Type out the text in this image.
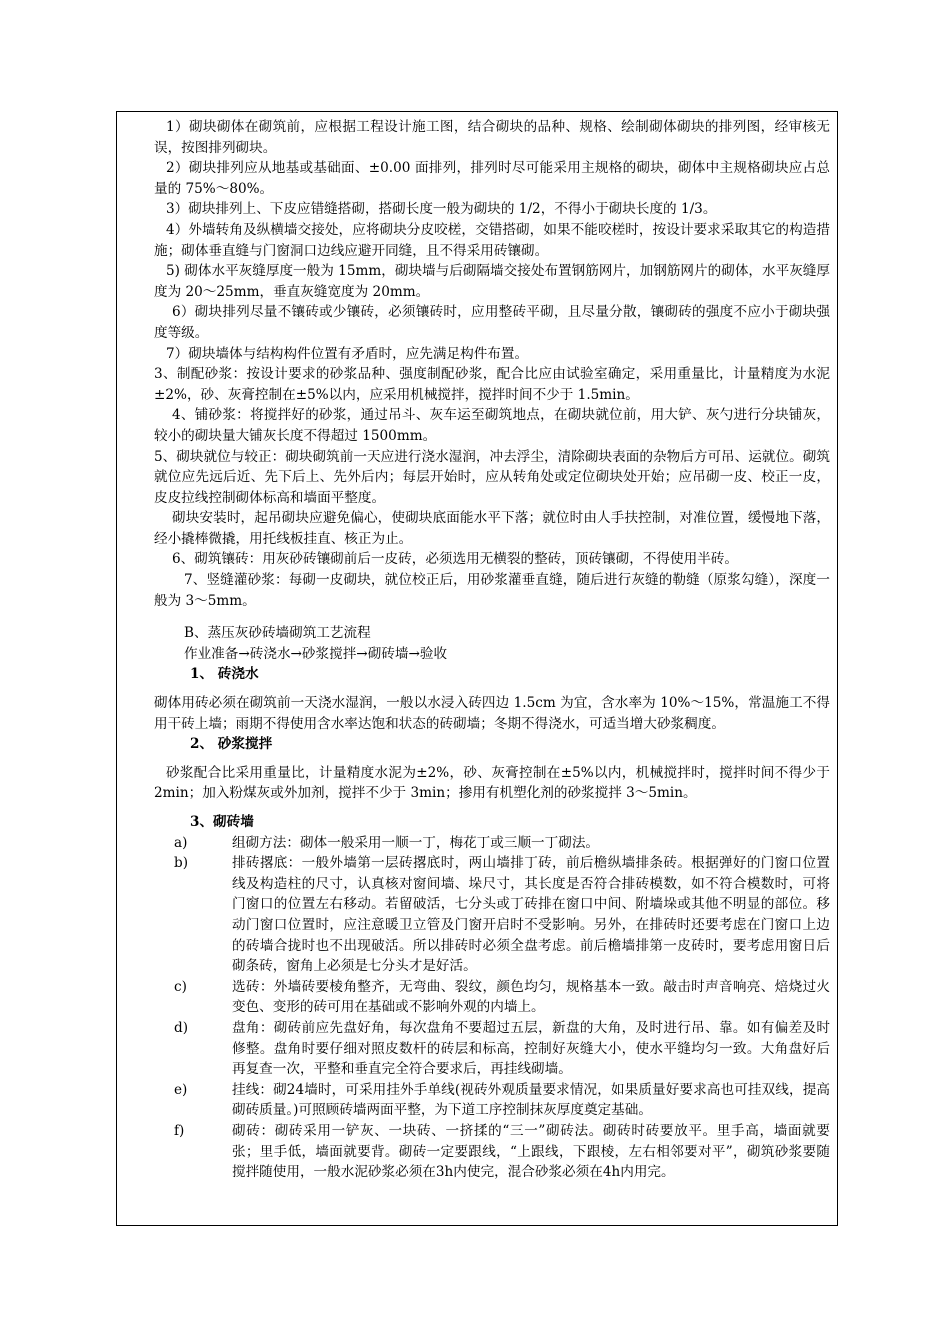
1）砌块砌体在砌筑前，应根据工程设计施工图，结合砌块的品种、规格、绘制砌体砌块的排列图，经审核无误，按图排列砌块。

2）砌块排列应从地基或基础面、±0.00 面排列，排列时尽可能采用主规格的砌块，砌体中主规格砌块应占总量的 75%～80%。

3）砌块排列上、下皮应错缝搭砌，搭砌长度一般为砌块的 1/2，不得小于砌块长度的 1/3。

4）外墙转角及纵横墙交接处，应将砌块分皮咬槎，交错搭砌，如果不能咬槎时，按设计要求采取其它的构造措施；砌体垂直缝与门窗洞口边线应避开同缝，且不得采用砖镶砌。

5) 砌体水平灰缝厚度一般为 15mm，砌块墙与后砌隔墙交接处布置钢筋网片，加钢筋网片的砌体，水平灰缝厚度为 20～25mm，垂直灰缝宽度为 20mm。

6）砌块排列尽量不镶砖或少镶砖，必须镶砖时，应用整砖平砌，且尽量分散，镶砌砖的强度不应小于砌块强度等级。

7）砌块墙体与结构构件位置有矛盾时，应先满足构件布置。

3、制配砂浆：按设计要求的砂浆品种、强度制配砂浆，配合比应由试验室确定，采用重量比，计量精度为水泥±2%，砂、灰膏控制在±5%以内，应采用机械搅拌，搅拌时间不少于 1.5min。

4、铺砂浆：将搅拌好的砂浆，通过吊斗、灰车运至砌筑地点，在砌块就位前，用大铲、灰勺进行分块铺灰，较小的砌块量大铺灰长度不得超过 1500mm。

5、砌块就位与较正：砌块砌筑前一天应进行浇水湿润，冲去浮尘，清除砌块表面的杂物后方可吊、运就位。砌筑就位应先远后近、先下后上、先外后内；每层开始时，应从转角处或定位砌块处开始；应吊砌一皮、校正一皮，皮皮拉线控制砌体标高和墙面平整度。

砌块安装时，起吊砌块应避免偏心，使砌块底面能水平下落；就位时由人手扶控制，对准位置，缓慢地下落，经小撬棒微撬，用托线板挂直、核正为止。

6、砌筑镶砖：用灰砂砖镶砌前后一皮砖，必须选用无横裂的整砖，顶砖镶砌，不得使用半砖。

7、竖缝灌砂浆：每砌一皮砌块，就位校正后，用砂浆灌垂直缝，随后进行灰缝的勒缝（原浆勾缝），深度一般为 3～5mm。

B、蒸压灰砂砖墙砌筑工艺流程

作业准备→砖浇水→砂浆搅拌→砌砖墙→验收

1、 砖浇水

砌体用砖必须在砌筑前一天浇水湿润，一般以水浸入砖四边 1.5cm 为宜，含水率为 10%～15%，常温施工不得用干砖上墙；雨期不得使用含水率达饱和状态的砖砌墙；冬期不得浇水，可适当增大砂浆稠度。

2、 砂浆搅拌

砂浆配合比采用重量比，计量精度水泥为±2%，砂、灰膏控制在±5%以内，机械搅拌时，搅拌时间不得少于 2min；加入粉煤灰或外加剂，搅拌不少于 3min；掺用有机塑化剂的砂浆搅拌 3～5min。

3、砌砖墙

a)	组砌方法：砌体一般采用一顺一丁，梅花丁或三顺一丁砌法。
b)	排砖撂底：一般外墙第一层砖撂底时，两山墙排丁砖，前后檐纵墙排条砖。根据弹好的门窗口位置线及构造柱的尺寸，认真核对窗间墙、垛尺寸，其长度是否符合排砖模数，如不符合模数时，可将门窗口的位置左右移动。若留破活，七分头或丁砖排在窗口中间、附墙垛或其他不明显的部位。移动门窗口位置时，应注意暖卫立管及门窗开启时不受影响。另外，在排砖时还要考虑在门窗口上边的砖墙合拢时也不出现破活。所以排砖时必须全盘考虑。前后檐墙排第一皮砖时，要考虑用窗日后砌条砖，窗角上必须是七分头才是好活。
c)	选砖：外墙砖要棱角整齐，无弯曲、裂纹，颜色均匀，规格基本一致。敲击时声音响亮、焙烧过火变色、变形的砖可用在基础或不影响外观的内墙上。
d)	盘角：砌砖前应先盘好角，每次盘角不要超过五层，新盘的大角，及时进行吊、靠。如有偏差及时修整。盘角时要仔细对照皮数杆的砖层和标高，控制好灰缝大小，使水平缝均匀一致。大角盘好后再复查一次，平整和垂直完全符合要求后，再挂线砌墙。
e)	挂线：砌24墙时，可采用挂外手单线(视砖外观质量要求情况，如果质量好要求高也可挂双线，提高砌砖质量。)可照顾砖墙两面平整，为下道工序控制抹灰厚度奠定基础。
f)	砌砖：砌砖采用一铲灰、一块砖、一挤揉的“三一”砌砖法。砌砖时砖要放平。里手高，墙面就要张；里手低，墙面就要背。砌砖一定要跟线，“上跟线，下跟棱，左右相邻要对平”，砌筑砂浆要随搅拌随使用，一般水泥砂浆必须在3h内使完，混合砂浆必须在4h内用完。
